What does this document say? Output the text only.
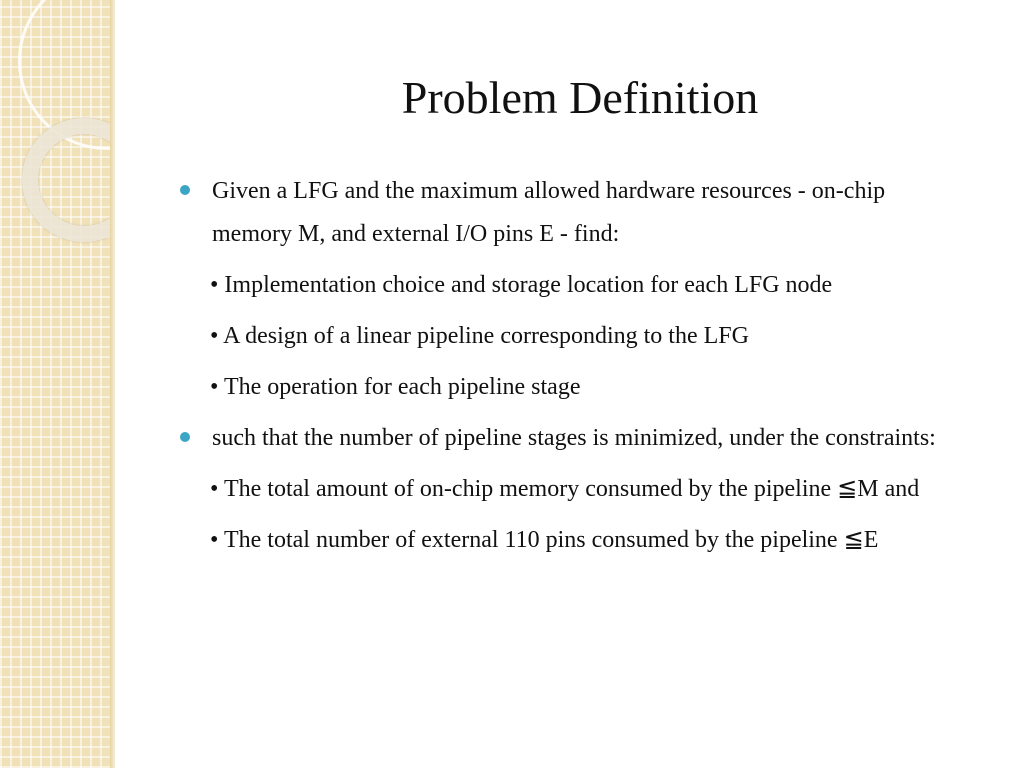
Problem Definition
Given a LFG and the maximum allowed hardware resources - on-chip memory M, and external I/O pins E - find:
• Implementation choice and storage location for each LFG node
• A design of a linear pipeline corresponding to the LFG
• The operation for each pipeline stage
such that the number of pipeline stages is minimized, under the constraints:
• The total amount of on-chip memory consumed by the pipeline ≦M and
• The total number of external 110 pins consumed by the pipeline ≦E
